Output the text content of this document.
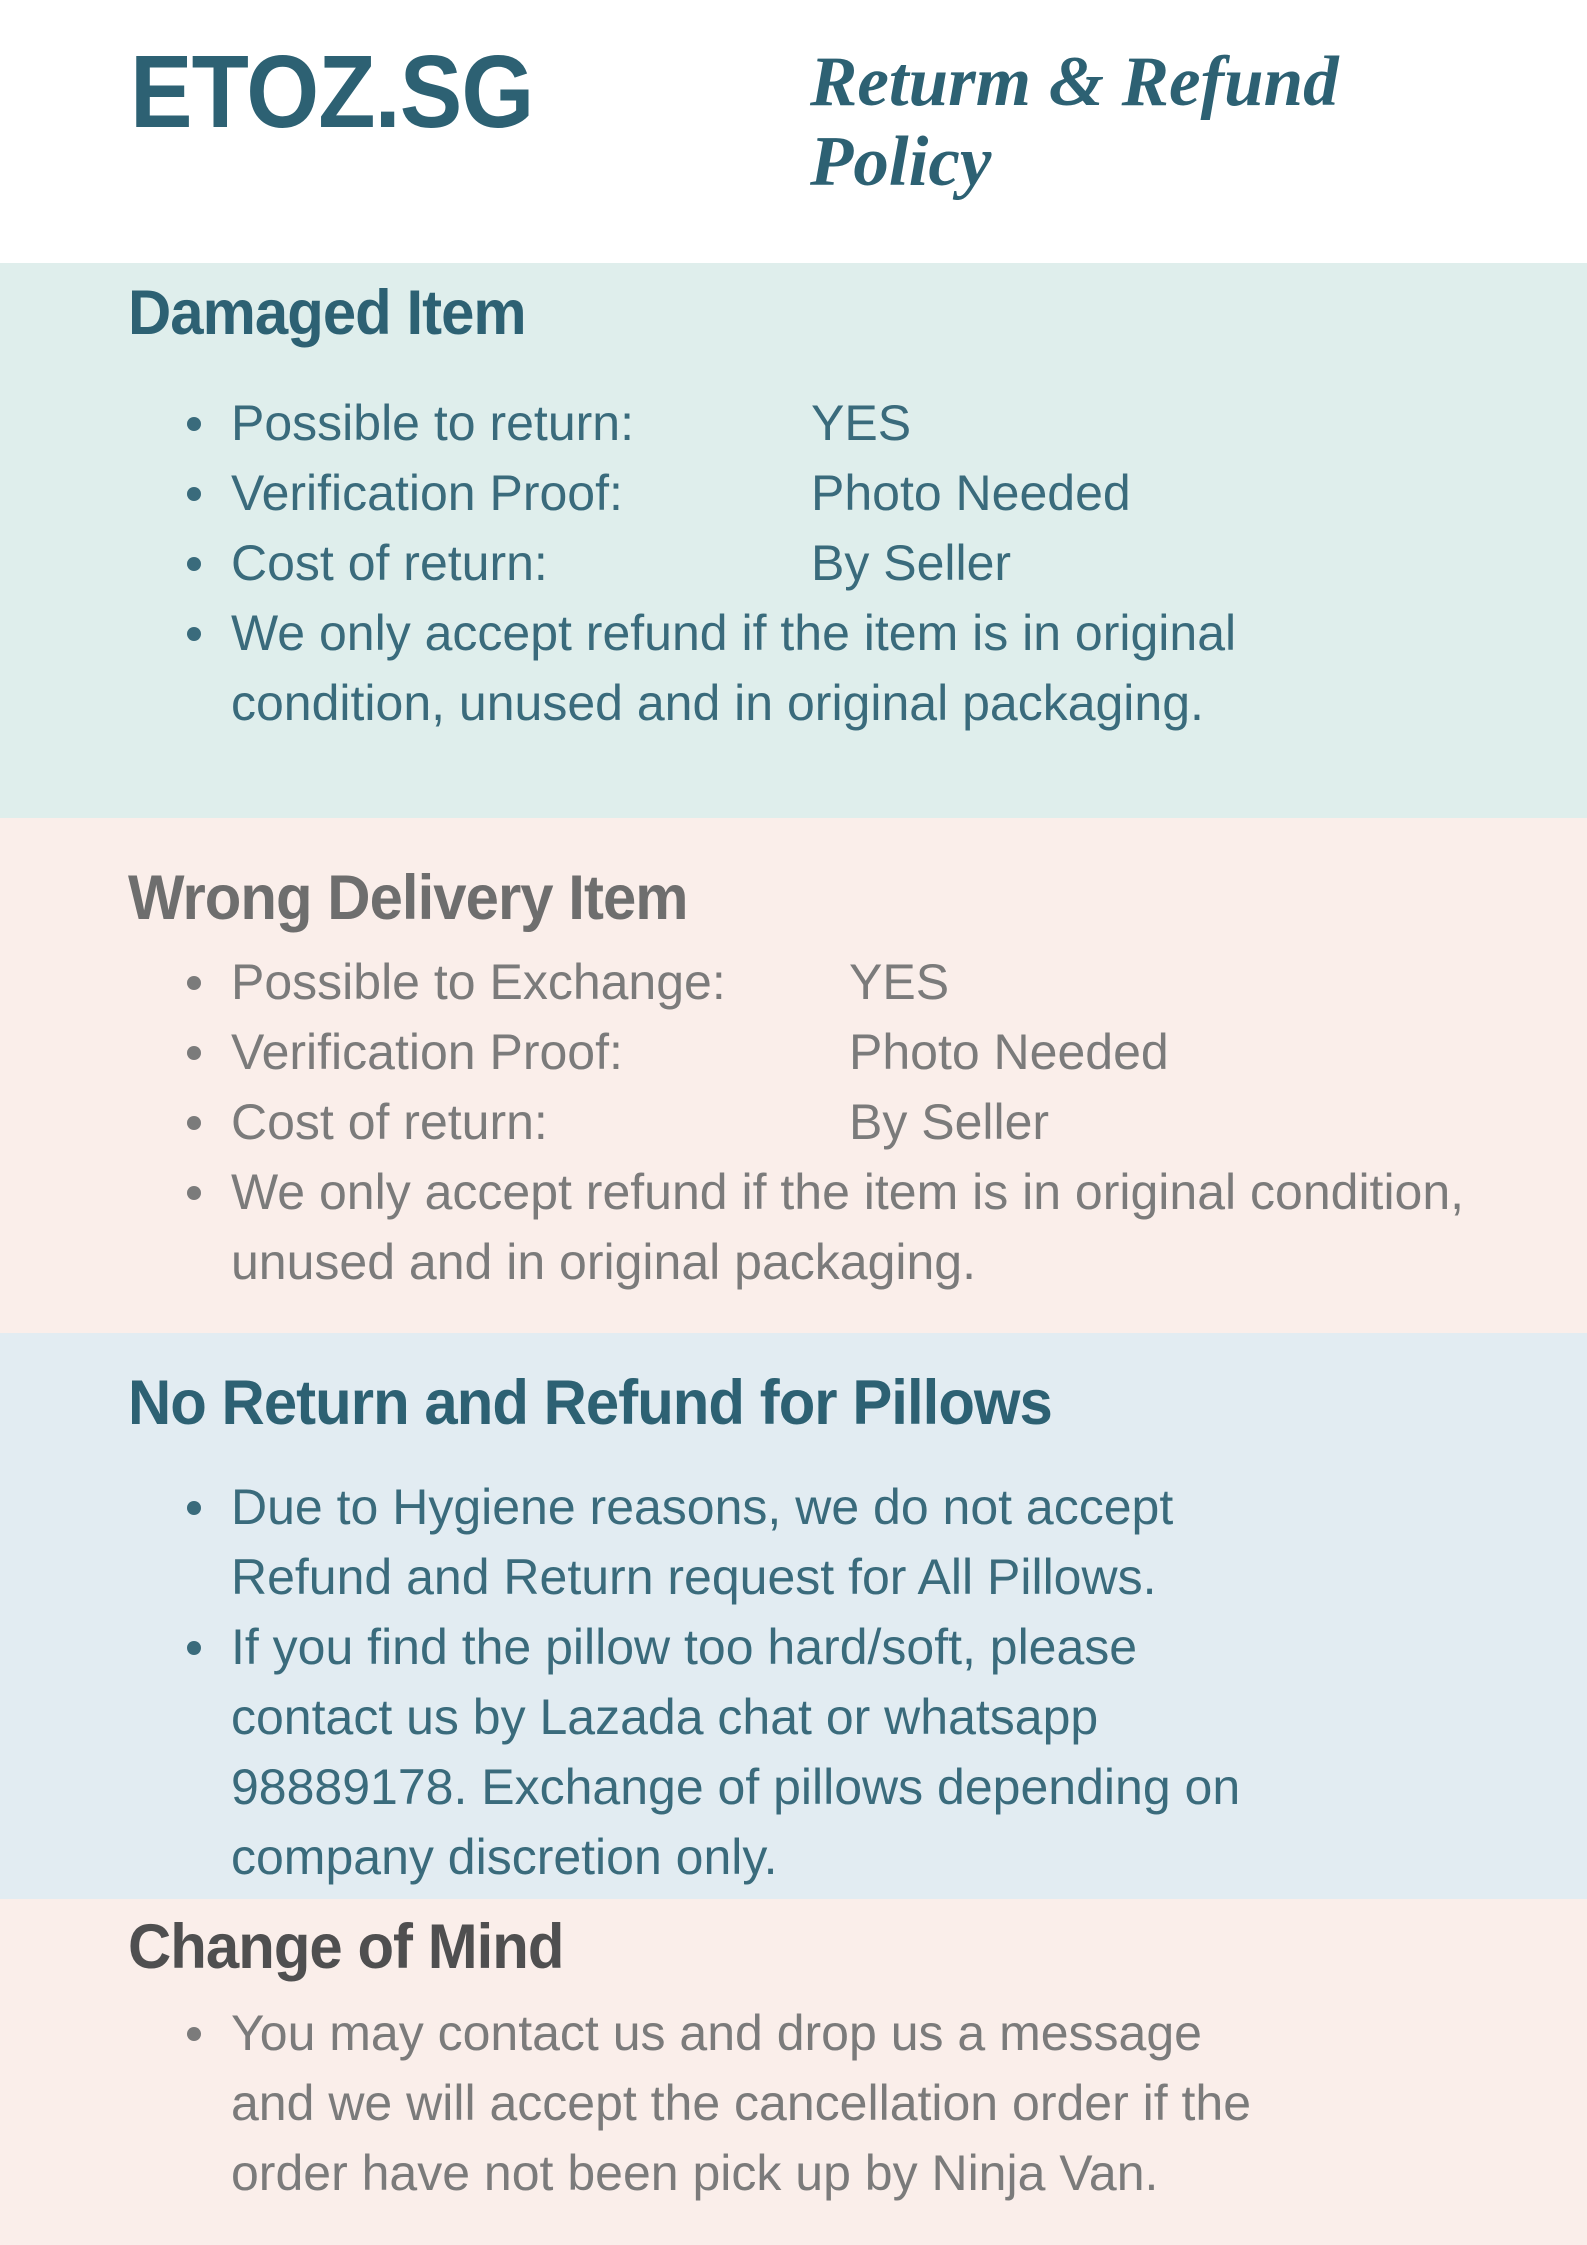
ETOZ.SG	Returm & Refund Policy
Damaged Item
Possible to return:	YES
Verification Proof:	Photo Needed
Cost of return:	By Seller
We only accept refund if the item is in original condition, unused and in original packaging.
Wrong Delivery Item
Possible to Exchange: YES
Verification Proof:	Photo Needed
Cost of return:	By Seller
We only accept refund if the item is in original condition, unused and in original packaging.
No Return and Refund for Pillows
Due to Hygiene reasons, we do not accept Refund and Return request for All Pillows.
If you find the pillow too hard/soft, please contact us by Lazada chat or whatsapp 98889178. Exchange of pillows depending on company discretion only.
Change of Mind
You may contact us and drop us a message and we will accept the cancellation order if the order have not been pick up by Ninja Van.
